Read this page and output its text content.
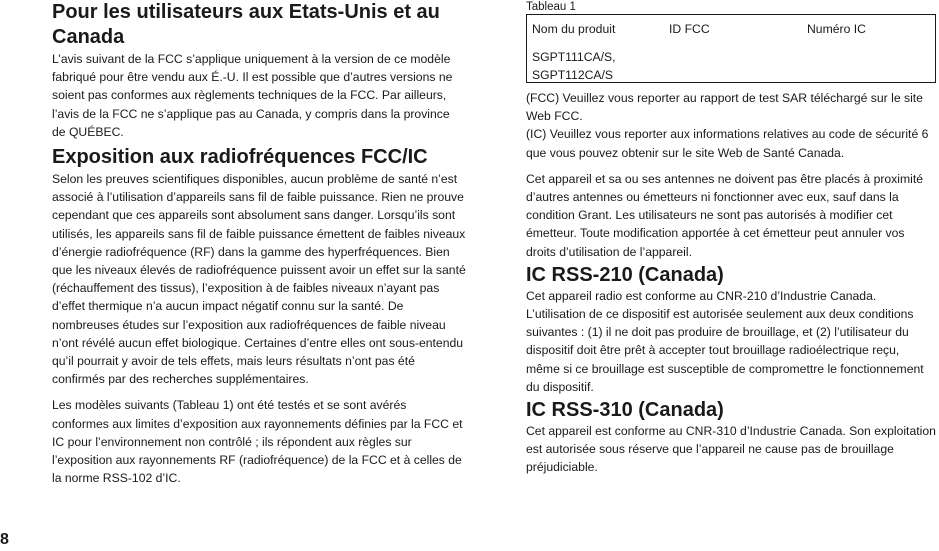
Pour les utilisateurs aux Etats-Unis et au Canada

L’avis suivant de la FCC s’applique uniquement à la version de ce modèle fabriqué pour être vendu aux É.-U. Il est possible que d’autres versions ne soient pas conformes aux règlements techniques de la FCC. Par ailleurs, l’avis de la FCC ne s’applique pas au Canada, y compris dans la province de QUÉBEC.

Exposition aux radiofréquences FCC/IC

Selon les preuves scientifiques disponibles, aucun problème de santé n’est associé à l’utilisation d’appareils sans fil de faible puissance. Rien ne prouve cependant que ces appareils sont absolument sans danger. Lorsqu’ils sont utilisés, les appareils sans fil de faible puissance émettent de faibles niveaux d’énergie radiofréquence (RF) dans la gamme des hyperfréquences. Bien que les niveaux élevés de radiofréquence puissent avoir un effet sur la santé (réchauffement des tissus), l’exposition à de faibles niveaux n’ayant pas d’effet thermique n’a aucun impact négatif connu sur la santé. De nombreuses études sur l’exposition aux radiofréquences de faible niveau n’ont révélé aucun effet biologique. Certaines d’entre elles ont sous-entendu qu’il pourrait y avoir de tels effets, mais leurs résultats n’ont pas été confirmés par des recherches supplémentaires.

Les modèles suivants (Tableau 1) ont été testés et se sont avérés conformes aux limites d’exposition aux rayonnements définies par la FCC et IC pour l’environnement non contrôlé ; ils répondent aux règles sur l’exposition aux rayonnements RF (radiofréquence) de la FCC et à celles de la norme RSS-102 d’IC.

Tableau 1
Nom du produit	ID FCC	Numéro IC
SGPT111CA/S,
SGPT112CA/S

(FCC) Veuillez vous reporter au rapport de test SAR téléchargé sur le site Web FCC.

(IC) Veuillez vous reporter aux informations relatives au code de sécurité 6 que vous pouvez obtenir sur le site Web de Santé Canada.

Cet appareil et sa ou ses antennes ne doivent pas être placés à proximité d’autres antennes ou émetteurs ni fonctionner avec eux, sauf dans la condition Grant. Les utilisateurs ne sont pas autorisés à modifier cet émetteur. Toute modification apportée à cet émetteur peut annuler vos droits d’utilisation de l’appareil.

IC RSS-210 (Canada)

Cet appareil radio est conforme au CNR-210 d’Industrie Canada. L’utilisation de ce dispositif est autorisée seulement aux deux conditions suivantes : (1) il ne doit pas produire de brouillage, et (2) l’utilisateur du dispositif doit être prêt à accepter tout brouillage radioélectrique reçu, même si ce brouillage est susceptible de compromettre le fonctionnement du dispositif.

IC RSS-310 (Canada)

Cet appareil est conforme au CNR-310 d’Industrie Canada. Son exploitation est autorisée sous réserve que l’appareil ne cause pas de brouillage préjudiciable.

8
